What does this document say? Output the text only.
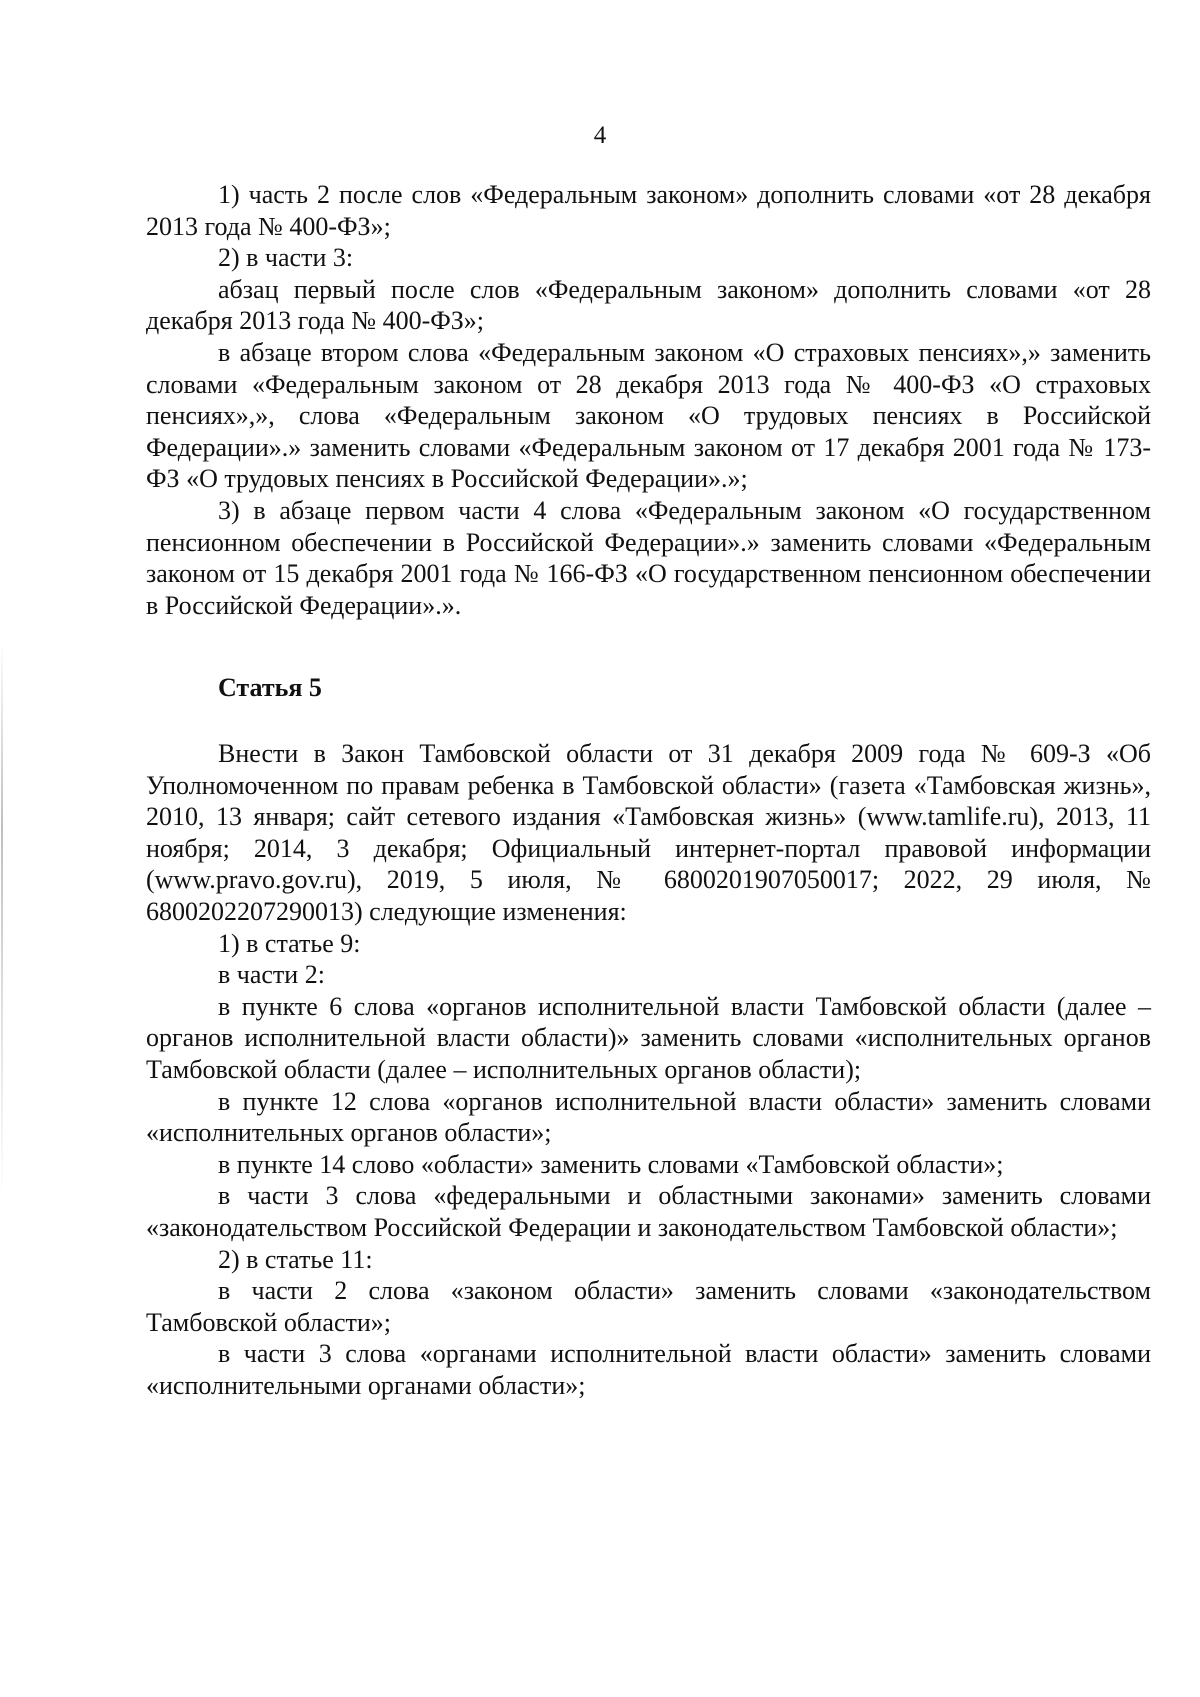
4

1) часть 2 после слов «Федеральным законом» дополнить словами «от 28 декабря 2013 года № 400-ФЗ»;

2) в части 3:

абзац первый после слов «Федеральным законом» дополнить словами «от 28 декабря 2013 года № 400-ФЗ»;

в абзаце втором слова «Федеральным законом «О страховых пенсиях»,» заменить словами «Федеральным законом от 28 декабря 2013 года № 400-ФЗ «О страховых пенсиях»,», слова «Федеральным законом «О трудовых пенсиях в Российской Федерации».» заменить словами «Федеральным законом от 17 декабря 2001 года № 173-ФЗ «О трудовых пенсиях в Российской Федерации».»;

3) в абзаце первом части 4 слова «Федеральным законом «О государственном пенсионном обеспечении в Российской Федерации».» заменить словами «Федеральным законом от 15 декабря 2001 года № 166-ФЗ «О государственном пенсионном обеспечении в Российской Федерации».».

Статья 5

Внести в Закон Тамбовской области от 31 декабря 2009 года № 609-З «Об Уполномоченном по правам ребенка в Тамбовской области» (газета «Тамбовская жизнь», 2010, 13 января; сайт сетевого издания «Тамбовская жизнь» (www.tamlife.ru), 2013, 11 ноября; 2014, 3 декабря; Официальный интернет-портал правовой информации (www.pravo.gov.ru), 2019, 5 июля, № 6800201907050017; 2022, 29 июля, № 6800202207290013) следующие изменения:

1) в статье 9:

в части 2:

в пункте 6 слова «органов исполнительной власти Тамбовской области (далее – органов исполнительной власти области)» заменить словами «исполнительных органов Тамбовской области (далее – исполнительных органов области);

в пункте 12 слова «органов исполнительной власти области» заменить словами «исполнительных органов области»;

в пункте 14 слово «области» заменить словами «Тамбовской области»;

в части 3 слова «федеральными и областными законами» заменить словами «законодательством Российской Федерации и законодательством Тамбовской области»;

2) в статье 11:

в части 2 слова «законом области» заменить словами «законодательством Тамбовской области»;

в части 3 слова «органами исполнительной власти области» заменить словами «исполнительными органами области»;
